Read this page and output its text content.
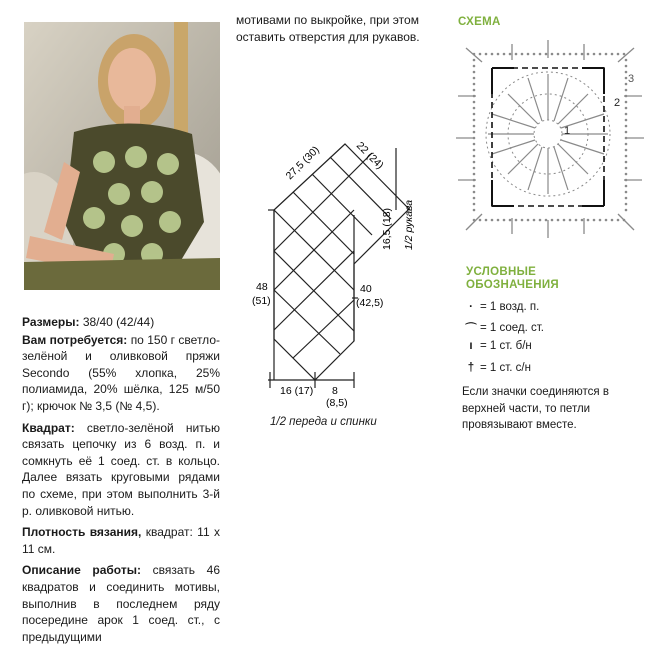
Размеры: 38/40 (42/44)

Вам потребуется: по 150 г светло-зелёной и оливковой пряжи Secondo (55% хлопка, 25% полиамида, 20% шёлка, 125 м/50 г); крючок № 3,5 (№ 4,5).

Квадрат: светло-зелёной нитью связать цепочку из 6 возд. п. и сомкнуть её 1 соед. ст. в кольцо. Далее вязать круговыми рядами по схеме, при этом выполнить 3-й р. оливковой нитью.

Плотность вязания, квадрат: 11 x 11 см.

Описание работы: связать 46 квадратов и соединить мотивы, выполнив в последнем ряду посередине арок 1 соед. ст., с предыдущими

мотивами по выкройке, при этом оставить отверстия для рукавов.
27,5 (30)	22 (24)
1/2 рукава
16,5 (18)
48
(51)
40
(42,5)
16 (17) 8
(8,5)
1/2 переда и спинки
СХЕМА
3
2
1
УСЛОВНЫЕ
ОБОЗНАЧЕНИЯ
· = 1 возд. п.
⌒ = 1 соед. ст.
ı = 1 ст. б/н
† = 1 ст. с/н
Если значки соединяются в верхней части, то петли провязывают вместе.
